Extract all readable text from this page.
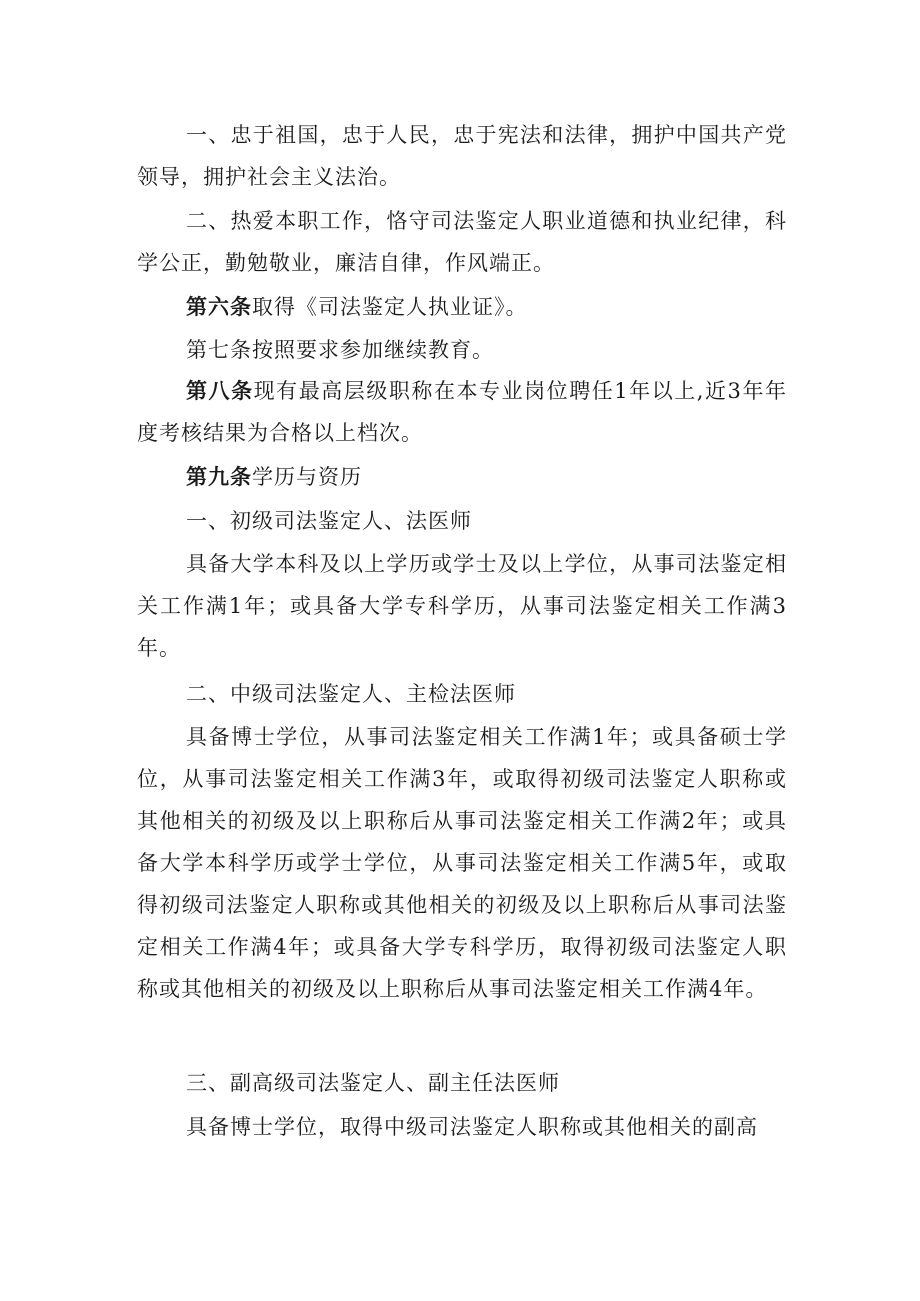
一、忠于祖国，忠于人民，忠于宪法和法律，拥护中国共产党领导，拥护社会主义法治。

二、热爱本职工作，恪守司法鉴定人职业道德和执业纪律，科学公正，勤勉敬业，廉洁自律，作风端正。

第六条取得《司法鉴定人执业证》。

第七条按照要求参加继续教育。

第八条现有最高层级职称在本专业岗位聘任1年以上,近3年年度考核结果为合格以上档次。

第九条学历与资历

一、初级司法鉴定人、法医师

具备大学本科及以上学历或学士及以上学位，从事司法鉴定相关工作满1年；或具备大学专科学历，从事司法鉴定相关工作满3年。

二、中级司法鉴定人、主检法医师

具备博士学位，从事司法鉴定相关工作满1年；或具备硕士学位，从事司法鉴定相关工作满3年，或取得初级司法鉴定人职称或其他相关的初级及以上职称后从事司法鉴定相关工作满2年；或具备大学本科学历或学士学位，从事司法鉴定相关工作满5年，或取得初级司法鉴定人职称或其他相关的初级及以上职称后从事司法鉴定相关工作满4年；或具备大学专科学历，取得初级司法鉴定人职称或其他相关的初级及以上职称后从事司法鉴定相关工作满4年。

三、副高级司法鉴定人、副主任法医师

具备博士学位，取得中级司法鉴定人职称或其他相关的副高
